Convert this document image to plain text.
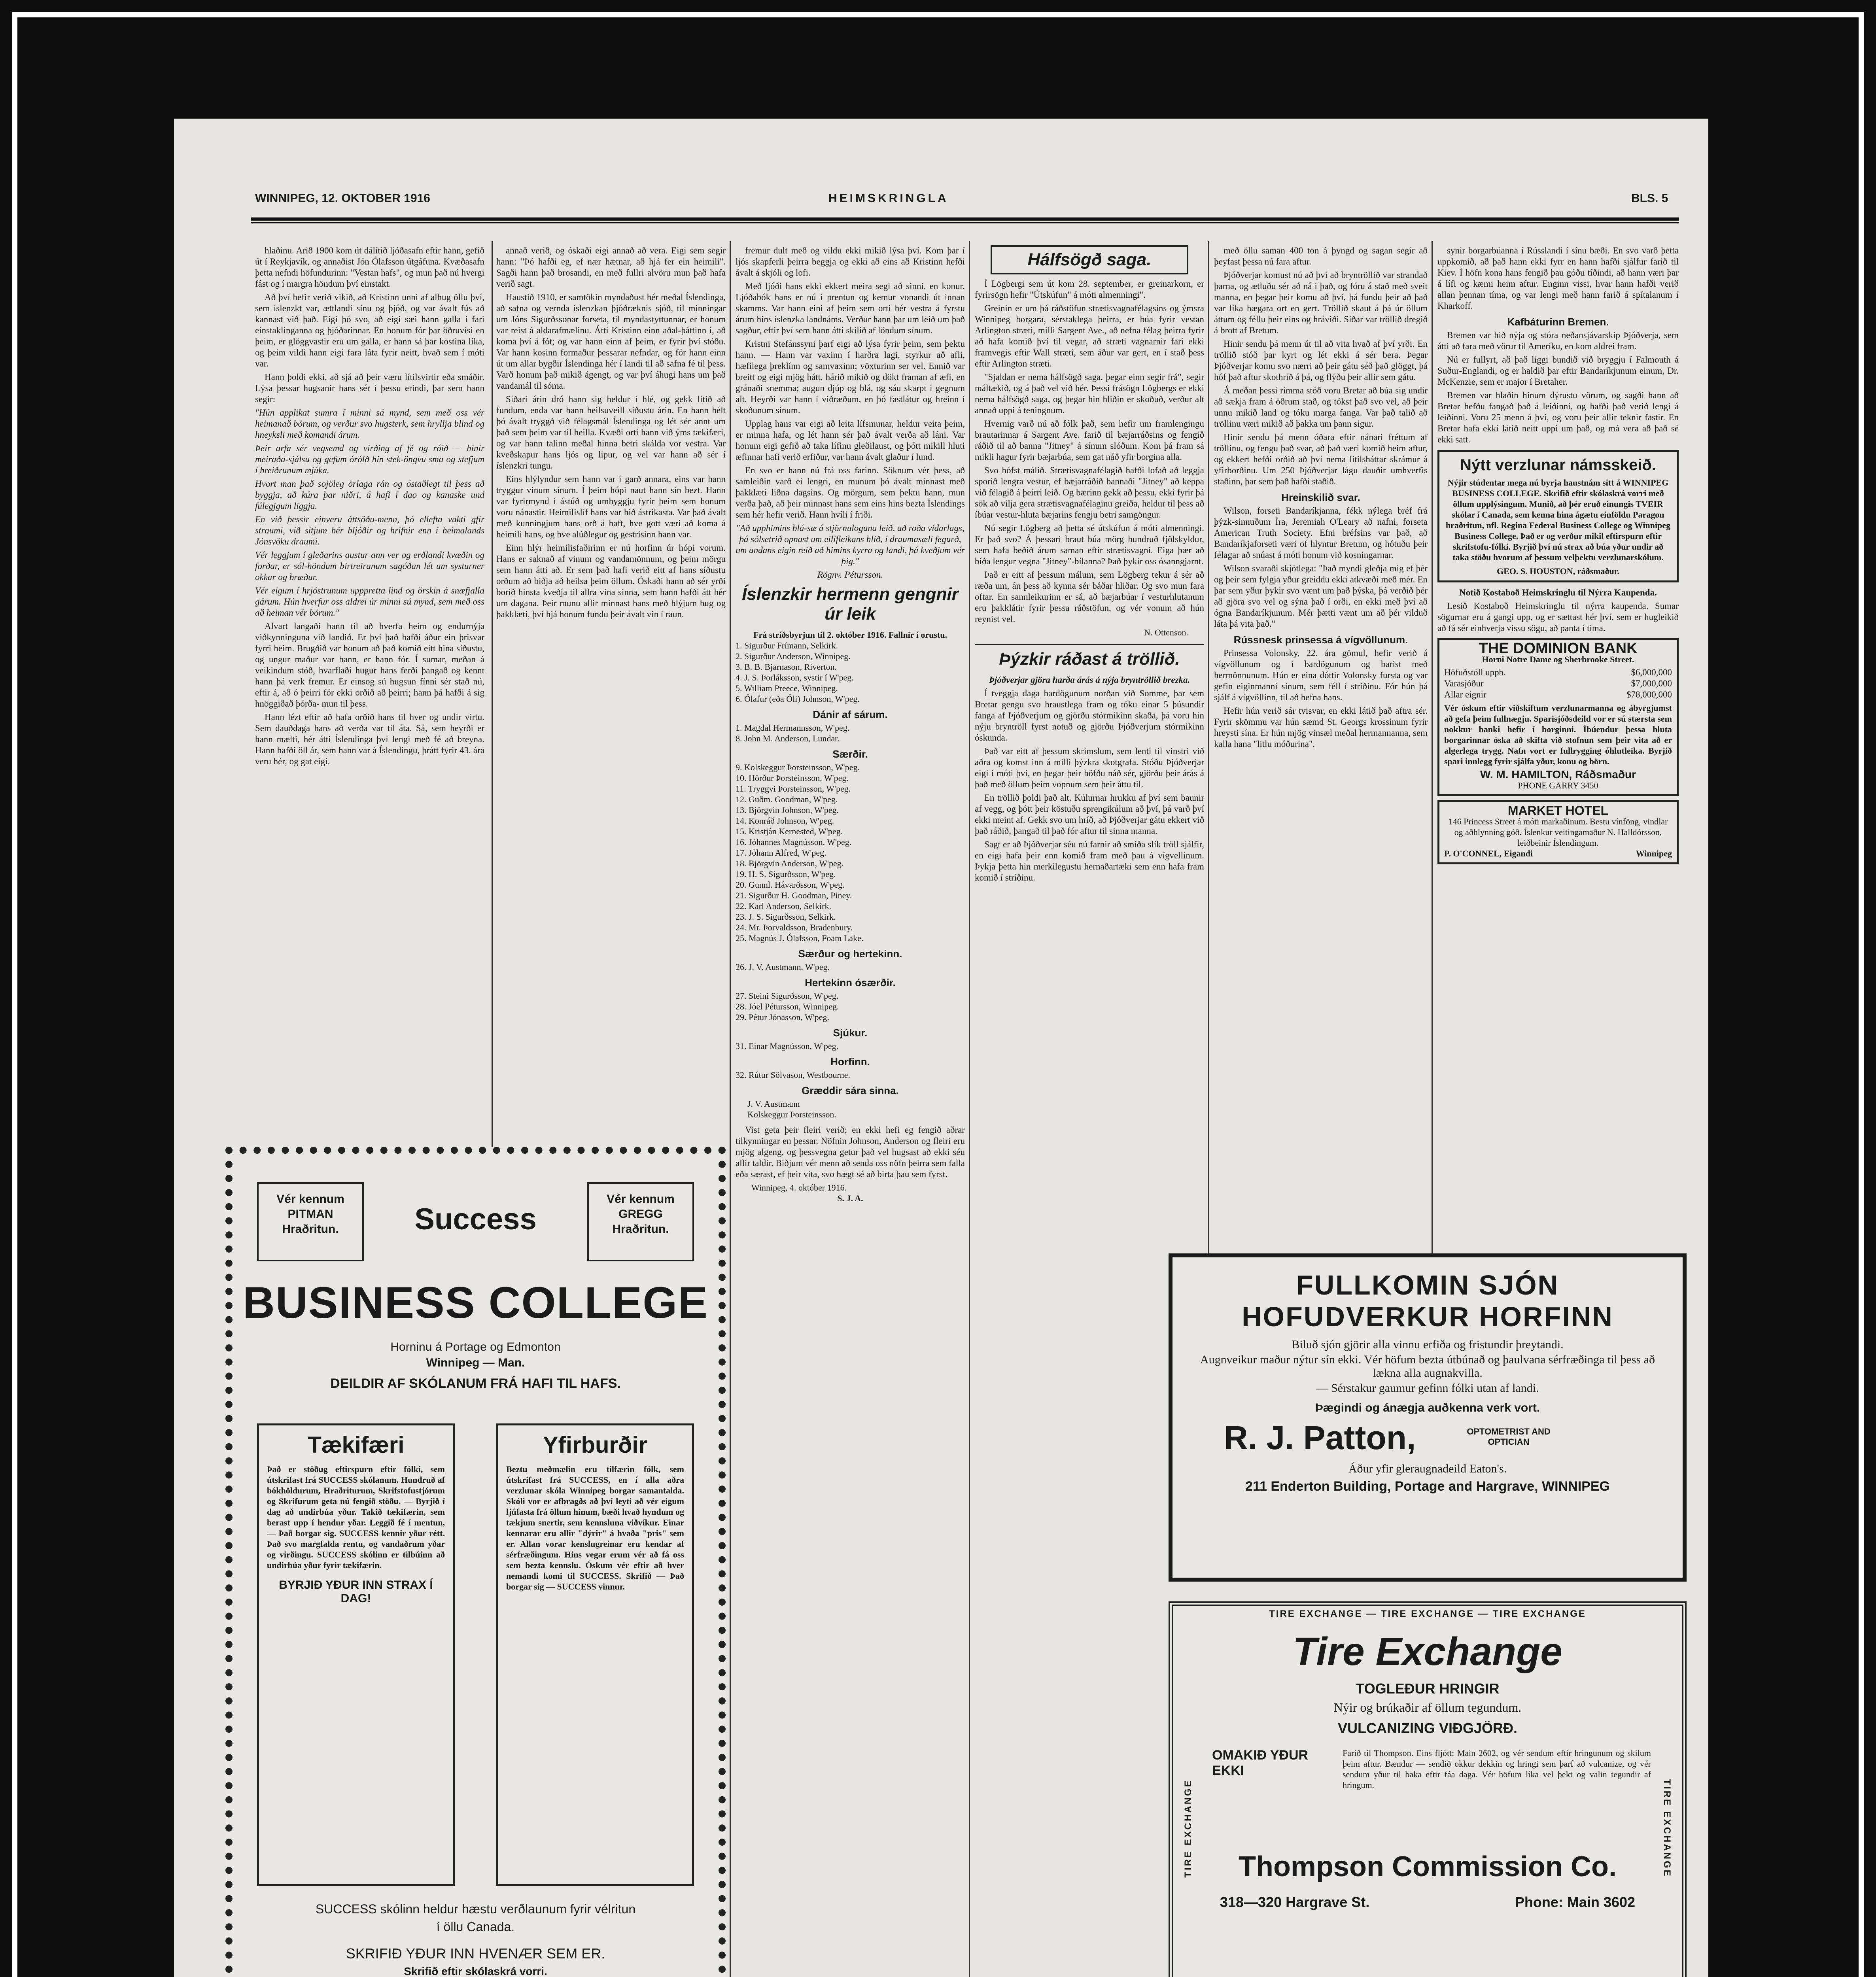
WINNIPEG, 12. OKTOBER 1916	HEIMSKRINGLA	BLS. 5

hlaðinu. Arið 1900 kom út dálítið ljóðasafn eftir hann, gefið út í Reykjavík, og annaðist Jón Ólafsson útgáfuna. Kvæðasafn þetta nefndi höfundurinn: "Vestan hafs", og mun það nú hvergi fást og í margra höndum því einstakt.

Að því hefir verið vikið, að Kristinn unni af alhug öllu því, sem íslenzkt var, ættlandi sínu og þjóð, og var ávalt fús að kannast við það. Eigi þó svo, að eigi sæi hann galla í fari einstaklinganna og þjóðarinnar. En honum fór þar öðruvísi en þeim, er glöggvastir eru um galla, er hann sá þar kostina líka, og þeim vildi hann eigi fara láta fyrir neitt, hvað sem í móti var.

Hann þoldi ekki, að sjá að þeir væru lítilsvirtir eða smáðir. Lýsa þessar hugsanir hans sér í þessu erindi, þar sem hann segir:

"Hún applikat sumra í minni sá mynd, sem með oss vér heimanað börum, og verður svo hugsterk, sem hryllja blind og hneyksli með komandi árum.

Þeir arfa sér vegsemd og virðing af fé og róið — hinir meiraða-sjálsu og gefum órólð hin stek-öngvu sma og stefjum í hreiðrunum mjúka.

Hvort man það sojöleg örlaga rán og óstaðlegt til þess að byggja, að kúra þar niðri, á hafi í dao og kanaske und fúlegjgum liggja.

En við þessir einveru áttsöðu-menn, þó ellefta vakti gfir straumi, við sitjum hér bljóðir og hrifnir enn í heimalands Jónsvöku draumi.

Vér leggjum í gleðarins austur ann ver og erðlandi kvæðin og forðar, er sól-höndum birtreiranum sagóðan lét um systurner okkar og bræður.

Vér eigum í hrjóstrunum upppretta lind og örskin á snæfjalla gárum. Hún hverfur oss aldrei úr minni sú mynd, sem með oss að heiman vér börum."

Alvart langaði hann til að hverfa heim og endurnýja viðkynninguna við landið. Er því það hafði áður ein þrisvar fyrri heim. Brugðið var honum að það komið eitt hina síðustu, og ungur maður var hann, er hann fór. Í sumar, meðan á veikindum stóð, hvarflaði hugur hans ferði þangað og kennt hann þá verk fremur. Er einsog sú hugsun fínni sér stað nú, eftir á, að ó þeirri fór ekki orðið að þeirri; hann þá hafði á sig hnöggiðað þórða- mun til þess.

Hann lézt eftir að hafa orðið hans til hver og undir virtu. Sem dauðdaga hans að verða var til áta. Sá, sem heyrði er hann mælti, hér átti Íslendinga því lengi með fé að breyna. Hann hafði öll ár, sem hann var á Íslendingu, þrátt fyrir 43. ára veru hér, og gat eigi.

annað verið, og óskaði eigi annað að vera. Eigi sem segir hann: "Þó hafði eg, ef nær hætnar, að hjá fer ein heimili". Sagði hann það brosandi, en með fullri alvöru mun það hafa verið sagt.

Haustið 1910, er samtökin myndaðust hér meðal Íslendinga, að safna og vernda íslenzkan þjóðræknis sjóð, til minningar um Jóns Sigurðssonar forseta, til myndastyttunnar, er honum var reist á aldarafmælinu. Átti Kristinn einn aðal-þáttinn í, að koma því á fót; og var hann einn af þeim, er fyrir því stóðu. Var hann kosinn formaður þessarar nefndar, og fór hann einn út um allar bygðir Íslendinga hér í landi til að safna fé til þess. Varð honum það mikið ágengt, og var því áhugi hans um það vandamál til sóma.

Síðari árin dró hann sig heldur í hlé, og gekk lítið að fundum, enda var hann heilsuveill síðustu árin. En hann hélt þó ávalt tryggð við félagsmál Íslendinga og lét sér annt um það sem þeim var til heilla. Kvæði orti hann við ýms tækifæri, og var hann talinn meðal hinna betri skálda vor vestra. Var kveðskapur hans ljós og lipur, og vel var hann að sér í íslenzkri tungu.

Eins hlýlyndur sem hann var í garð annara, eins var hann tryggur vinum sínum. Í þeim hópi naut hann sín bezt. Hann var fyrirmynd í ástúð og umhyggju fyrir þeim sem honum voru nánastir. Heimilislíf hans var hið ástríkasta. Var það ávalt með kunningjum hans orð á haft, hve gott væri að koma á heimili hans, og hve alúðlegur og gestrisinn hann var.

Einn hlýr heimilisfaðirinn er nú horfinn úr hópi vorum. Hans er saknað af vinum og vandamönnum, og þeim mörgu sem hann átti að. Er sem það hafi verið eitt af hans síðustu orðum að biðja að heilsa þeim öllum. Óskaði hann að sér yrði borið hinsta kveðja til allra vina sinna, sem hann hafði átt hér um dagana. Þeir munu allir minnast hans með hlýjum hug og þakklæti, því hjá honum fundu þeir ávalt vin í raun.

fremur dult með og vildu ekki mikið lýsa því. Kom þar í ljós skapferli þeirra beggja og ekki að eins að Kristinn hefði ávalt á skjóli og lofi.

Með ljóði hans ekki ekkert meira segi að sinni, en konur, Ljóðabók hans er nú í prentun og kemur vonandi út innan skamms. Var hann eini af þeim sem orti hér vestra á fyrstu árum hins íslenzka landnáms. Verður hann þar um leið um það sagður, eftir því sem hann átti skilið af löndum sínum.

Kristni Stefánssyni þarf eigi að lýsa fyrir þeim, sem þektu hann. — Hann var vaxinn í harðra lagi, styrkur að afli, hæfilega þreklínn og samvaxinn; vöxturinn ser vel. Ennið var breitt og eigi mjög hátt, hárið mikið og dökt framan af æfi, en gránaði snemma; augun djúp og blá, og sáu skarpt í gegnum alt. Heyrði var hann í viðræðum, en þó fastlátur og hreinn í skoðunum sínum.

Upplag hans var eigi að leita lífsmunar, heldur veita þeim, er minna hafa, og lét hann sér það ávalt verða að láni. Var honum eigi gefið að taka lífinu gleðilaust, og þótt mikill hluti æfinnar hafi verið erfiður, var hann ávalt glaður í lund.

En svo er hann nú frá oss farinn. Söknum vér þess, að samleiðin varð ei lengri, en munum þó ávalt minnast með þakklæti liðna dagsins. Og mörgum, sem þektu hann, mun verða það, að þeir minnast hans sem eins hins bezta Íslendings sem hér hefir verið. Hann hvíli í friði.

"Að upphimins blá-sæ á stjörnuloguna leið, að roða vídarlags, þá sólsetrið opnast um eilífleikans hlið, í draumasæli fegurð, um andans eigin reið að himins kyrra og landi, þá kveðjum vér þig."

Rögnv. Pétursson.

Íslenzkir hermenn gengnir úr leik

Frá stríðsbyrjun til 2. október 1916. Fallnir í orustu.

1. Sigurður Frímann, Selkirk.

2. Sigurður Anderson, Winnipeg.

3. B. B. Bjarnason, Riverton.

4. J. S. Þorláksson, systir í W'peg.

5. William Preece, Winnipeg.

6. Ólafur (eða Óli) Johnson, W'peg.

Dánir af sárum.

1. Magdal Hermannsson, W'peg.

8. John M. Anderson, Lundar.

Særðir.

9. Kolskeggur Þorsteinsson, W'peg.

10. Hörður Þorsteinsson, W'peg.

11. Tryggvi Þorsteinsson, W'peg.

12. Guðm. Goodman, W'peg.

13. Björgvin Johnson, W'peg.

14. Konráð Johnson, W'peg.

15. Kristján Kernested, W'peg.

16. Jóhannes Magnússon, W'peg.

17. Jóhann Alfred, W'peg.

18. Björgvin Anderson, W'peg.

19. H. S. Sigurðsson, W'peg.

20. Gunnl. Hávarðsson, W'peg.

21. Sigurður H. Goodman, Piney.

22. Karl Anderson, Selkirk.

23. J. S. Sigurðsson, Selkirk.

24. Mr. Þorvaldsson, Bradenbury.

25. Magnús J. Ólafsson, Foam Lake.

Særður og hertekinn.

26. J. V. Austmann, W'peg.

Hertekinn ósærðir.

27. Steini Sigurðsson, W'peg.

28. Jóel Pétursson, Winnipeg.

29. Pétur Jónasson, W'peg.

Sjúkur.

31. Einar Magnússon, W'peg.

Horfinn.

32. Rútur Sölvason, Westbourne.

Græddir sára sinna.

J. V. Austmann

Kolskeggur Þorsteinsson.

Vist geta þeir fleiri verið; en ekki hefi eg fengið aðrar tilkynningar en þessar. Nöfnin Johnson, Anderson og fleiri eru mjög algeng, og þessvegna getur það vel hugsast að ekki séu allir taldir. Biðjum vér menn að senda oss nöfn þeirra sem falla eða særast, ef þeir vita, svo hægt sé að birta þau sem fyrst.

Winnipeg, 4. október 1916.

S. J. A.

Hálfsögð saga.

Í Lögbergi sem út kom 28. september, er greinarkorn, er fyrirsögn hefir "Útskúfun" á móti almenningi".

Greinin er um þá ráðstöfun strætisvagnafélagsins og ýmsra Winnipeg borgara, sérstaklega þeirra, er búa fyrir vestan Arlington stræti, milli Sargent Ave., að nefna félag þeirra fyrir að hafa komið því til vegar, að stræti vagnarnir fari ekki framvegis eftir Wall stræti, sem áður var gert, en í stað þess eftir Arlington stræti.

"Sjaldan er nema hálfsögð saga, þegar einn segir frá", segir máltækið, og á það vel við hér. Þessi frásögn Lögbergs er ekki nema hálfsögð saga, og þegar hin hliðin er skoðuð, verður alt annað uppi á teningnum.

Hvernig varð nú að fólk það, sem hefir um framlengingu brautarinnar á Sargent Ave. farið til bæjarráðsins og fengið ráðið til að banna "Jitney" á sínum slóðum. Kom þá fram sá mikli hagur fyrir bæjarbúa, sem gat náð yfir borgina alla.

Svo hófst málið. Strætisvagnafélagið hafði lofað að leggja sporið lengra vestur, ef bæjarráðið bannaði "Jitney" að keppa við félagið á þeirri leið. Og bærinn gekk að þessu, ekki fyrir þá sök að vilja gera strætisvagnafélaginu greiða, heldur til þess að íbúar vestur-hluta bæjarins fengju betri samgöngur.

Nú segir Lögberg að þetta sé útskúfun á móti almenningi. Er það svo? Á þessari braut búa mörg hundruð fjölskyldur, sem hafa beðið árum saman eftir strætisvagni. Eiga þær að bíða lengur vegna "Jitney"-bílanna? Það þykir oss ósanngjarnt.

Það er eitt af þessum málum, sem Lögberg tekur á sér að ræða um, án þess að kynna sér báðar hliðar. Og svo mun fara oftar. En sannleikurinn er sá, að bæjarbúar í vesturhlutanum eru þakklátir fyrir þessa ráðstöfun, og vér vonum að hún reynist vel.

N. Ottenson.

Þýzkir ráðast á tröllið.

Þjóðverjar gjöra harða árás á nýja bryntröllið brezka.

Í tveggja daga bardögunum norðan við Somme, þar sem Bretar gengu svo hraustlega fram og tóku einar 5 þúsundir fanga af Þjóðverjum og gjörðu stórmikinn skaða, þá voru hin nýju bryntröll fyrst notuð og gjörðu Þjóðverjum stórmikinn óskunda.

Það var eitt af þessum skrímslum, sem lenti til vinstri við aðra og komst inn á milli þýzkra skotgrafa. Stóðu Þjóðverjar eigi í móti því, en þegar þeir höfðu náð sér, gjörðu þeir árás á það með öllum þeim vopnum sem þeir áttu til.

En tröllið þoldi það alt. Kúlurnar hrukku af því sem baunir af vegg, og þótt þeir köstuðu sprengikúlum að því, þá varð því ekki meint af. Gekk svo um hríð, að Þjóðverjar gátu ekkert við það ráðið, þangað til það fór aftur til sinna manna.

Sagt er að Þjóðverjar séu nú farnir að smíða slík tröll sjálfir, en eigi hafa þeir enn komið fram með þau á vígvellinum. Þykja þetta hin merkilegustu hernaðartæki sem enn hafa fram komið í stríðinu.

með öllu saman 400 ton á þyngd og sagan segir að þeyfast þessa nú fara aftur.

Þjóðverjar komust nú að því að bryntröllið var strandað þarna, og ætluðu sér að ná í það, og fóru á stað með sveit manna, en þegar þeir komu að því, þá fundu þeir að það var líka hægara ort en gert. Tröllið skaut á þá úr öllum áttum og féllu þeir eins og hráviði. Síðar var tröllið dregið á brott af Bretum.

Hinir sendu þá menn út til að vita hvað af því yrði. En tröllið stóð þar kyrt og lét ekki á sér bera. Þegar Þjóðverjar komu svo nærri að þeir gátu séð það glöggt, þá hóf það aftur skothríð á þá, og flýðu þeir allir sem gátu.

Á meðan þessi rimma stóð voru Bretar að búa sig undir að sækja fram á öðrum stað, og tókst það svo vel, að þeir unnu mikið land og tóku marga fanga. Var það talið að tröllinu væri mikið að þakka um þann sigur.

Hinir sendu þá menn óðara eftir nánari fréttum af tröllinu, og fengu það svar, að það væri komið heim aftur, og ekkert hefði orðið að því nema lítilsháttar skrámur á yfirborðinu. Um 250 Þjóðverjar lágu dauðir umhverfis staðinn, þar sem það hafði staðið.

Hreinskilið svar.

Wilson, forseti Bandaríkjanna, fékk nýlega bréf frá þýzk-sinnuðum Íra, Jeremiah O'Leary að nafni, forseta American Truth Society. Efni bréfsins var það, að Bandaríkjaforseti væri of hlyntur Bretum, og hótuðu þeir félagar að snúast á móti honum við kosningarnar.

Wilson svaraði skjótlega: "Það myndi gleðja mig ef þér og þeir sem fylgja yður greiddu ekki atkvæði með mér. En þar sem yður þykir svo vænt um það þýska, þá verðið þér að gjöra svo vel og sýna það í orði, en ekki með því að ógna Bandaríkjunum. Mér þætti vænt um að þér vilduð láta þá vita það."

Rússnesk prinsessa á vígvöllunum.

Prinsessa Volonsky, 22. ára gömul, hefir verið á vígvöllunum og í bardögunum og barist með hermönnunum. Hún er eina dóttir Volonsky fursta og var gefin eiginmanni sínum, sem féll í stríðinu. Fór hún þá sjálf á vígvöllinn, til að hefna hans.

Hefir hún verið sár tvisvar, en ekki látið það aftra sér. Fyrir skömmu var hún sæmd St. Georgs krossinum fyrir hreysti sína. Er hún mjög vinsæl meðal hermannanna, sem kalla hana "litlu móðurina".

synir borgarbúanna í Rússlandi í sínu bæði. En svo varð þetta uppkomið, að það hann ekki fyrr en hann hafði sjálfur farið til Kiev. Í höfn kona hans fengið þau góðu tíðindi, að hann væri þar á lífi og kæmi heim aftur. Enginn vissi, hvar hann hafði verið allan þennan tíma, og var lengi með hann farið á spítalanum í Kharkoff.

Kafbáturinn Bremen.

Bremen var hið nýja og stóra neðansjávarskip Þjóðverja, sem átti að fara með vörur til Ameríku, en kom aldrei fram.

Nú er fullyrt, að það liggi bundið við bryggju í Falmouth á Suður-Englandi, og er haldið þar eftir Bandaríkjunum einum, Dr. McKenzie, sem er major í Bretaher.

Bremen var hlaðin hinum dýrustu vörum, og sagði hann að Bretar hefðu fangað það á leiðinni, og hafði það verið lengi á leiðinni. Voru 25 menn á því, og voru þeir allir teknir fastir. En Bretar hafa ekki látið neitt uppi um það, og má vera að það sé ekki satt.

Nýtt verzlunar námsskeið.

Nýjir stúdentar mega nú byrja haustnám sitt á WINNIPEG BUSINESS COLLEGE. Skrifið eftir skólaskrá vorri með öllum upplýsingum. Munið, að þér eruð einungis TVEIR skólar í Canada, sem kenna hina ágætu einföldu Paragon hraðritun, nfl. Regina Federal Business College og Winnipeg Business College. Það er og verður mikil eftirspurn eftir skrifstofu-fólki. Byrjið því nú strax að búa yður undir að taka stöðu hvorum af þessum velþektu verzlunarskólum.

GEO. S. HOUSTON, ráðsmaður.

Notið Kostaboð Heimskringlu til Nýrra Kaupenda.

Lesið Kostaboð Heimskringlu til nýrra kaupenda. Sumar sögurnar eru á gangi upp, og er sættast hér því, sem er hugleikið að fá sér einhverja vissu sögu, að panta í tíma.

THE DOMINION BANK

Horni Notre Dame og Sherbrooke Street.

Höfuðstóll uppb.	$6,000,000
Varasjóður	$7,000,000
Allar eignir	$78,000,000

Vér óskum eftir viðskiftum verzlunarmanna og ábyrgjumst að gefa þeim fullnægju. Sparisjóðsdeild vor er sú stærsta sem nokkur banki hefir í borginni. Íbúendur þessa hluta borgarinnar óska að skifta við stofnun sem þeir vita að er algerlega trygg. Nafn vort er fullrygging óhlutleika. Byrjið spari innlegg fyrir sjálfa yður, konu og börn.

W. M. HAMILTON, Ráðsmaður

PHONE GARRY 3450

MARKET HOTEL

146 Princess Street á móti markaðinum. Bestu vínföng, vindlar og aðhlynning góð. Íslenkur veitingamaður N. Halldórsson, leiðbeinir Íslendingum.

P. O'CONNEL, Eigandi	Winnipeg
Vér kennum
PITMAN
Hraðritun.
Vér kennum
GREGG
Hraðritun.
Success
BUSINESS COLLEGE
Horninu á Portage og Edmonton
Winnipeg — Man.
DEILDIR AF SKÓLANUM FRÁ HAFI TIL HAFS.
Tækifæri
Það er stöðug eftirspurn eftir fólki, sem útskrifast frá SUCCESS skólanum. Hundruð af bókhöldurum, Hraðriturum, Skrifstofustjórum og Skrifurum geta nú fengið stöðu. — Byrjið í dag að undirbúa yður. Takið tækifærin, sem berast upp í hendur yðar. Leggið fé í mentun, — Það borgar sig. SUCCESS kennir yður rétt. Það svo margfalda rentu, og vandaðrum yðar og virðingu. SUCCESS skólinn er tilbúinn að undirbúa yður fyrir tækifærin.
BYRJIÐ YÐUR INN STRAX Í DAG!
Yfirburðir
Beztu meðmælin eru tilfærin fólk, sem útskrifast frá SUCCESS, en í alla aðra verzlunar skóla Winnipeg borgar samantalda. Skóli vor er afbragðs að því leyti að vér eigum ljúfasta frá öllum hinum, bæði hvað hyndum og tækjum snertir, sem kennsluna viðvíkur. Einar kennarar eru allir "dýrir" á hvaða "pris" sem er. Allan vorar kenslugreinar eru kendar af sérfræðingum. Hins vegar erum vér að fá oss sem bezta kennslu. Óskum vér eftir að hver nemandi komi til SUCCESS. Skrifið — Það borgar sig — SUCCESS vinnur.
SUCCESS skólinn heldur hæstu verðlaunum fyrir vélritun
í öllu Canada.
SKRIFIÐ YÐUR INN HVENÆR SEM ER.
Skrifið eftir skólaskrá vorri.
FULLKOMIN SJÓN
HOFUDVERKUR HORFINN
Biluð sjón gjörir alla vinnu erfiða og fristundir þreytandi.
Augnveikur maður nýtur sín ekki. Vér höfum bezta útbúnað og þaulvana sérfræðinga til þess að lækna alla augnakvilla.
— Sérstakur gaumur gefinn fólki utan af landi.
Þægindi og ánægja auðkenna verk vort.
R. J. Patton,	OPTOMETRIST AND OPTICIAN
Áður yfir gleraugnadeild Eaton's.
211 Enderton Building, Portage and Hargrave, WINNIPEG
TIRE EXCHANGE — TIRE EXCHANGE — TIRE EXCHANGE
TIRE EXCHANGE	TIRE EXCHANGE
Tire Exchange
TOGLEÐUR HRINGIR
Nýir og brúkaðir af öllum tegundum.
VULCANIZING VIÐGJÖRÐ.
OMAKIÐ YÐUR EKKI
Farið til Thompson. Eins fljótt: Main 2602, og vér sendum eftir hringunum og skilum þeim aftur. Bændur — sendið okkur dekkin og hringi sem þarf að vulcanize, og vér sendum yður til baka eftir fáa daga. Vér höfum líka vel þekt og valin tegundir af hringum.
Thompson Commission Co.
318—320 Hargrave St.	Phone: Main 3602
